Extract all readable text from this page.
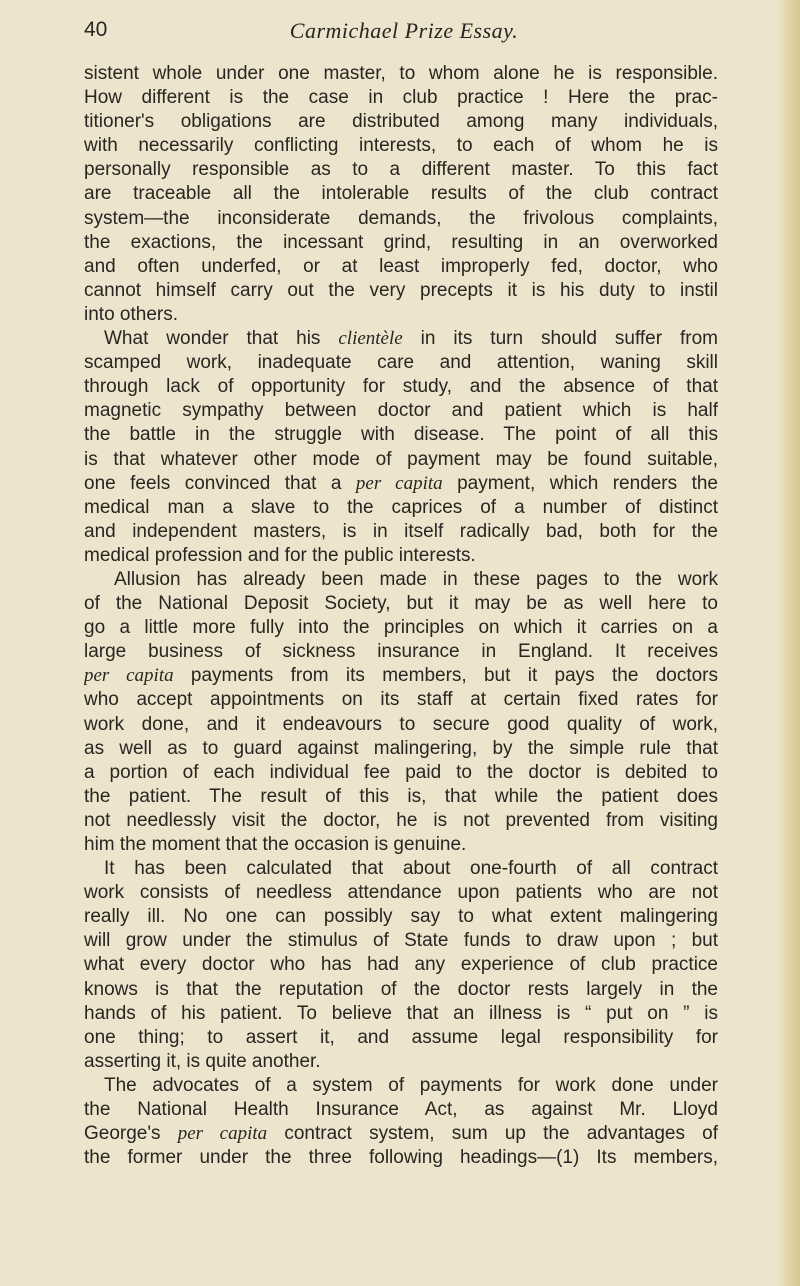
40	Carmichael Prize Essay.
sistent whole under one master, to whom alone he is responsible.
How different is the case in club practice ! Here the prac-
titioner's obligations are distributed among many individuals,
with necessarily conflicting interests, to each of whom he is
personally responsible as to a different master. To this fact
are traceable all the intolerable results of the club contract
system—the inconsiderate demands, the frivolous complaints,
the exactions, the incessant grind, resulting in an overworked
and often underfed, or at least improperly fed, doctor, who
cannot himself carry out the very precepts it is his duty to instil
into others.
What wonder that his clientèle in its turn should suffer from
scamped work, inadequate care and attention, waning skill
through lack of opportunity for study, and the absence of that
magnetic sympathy between doctor and patient which is half
the battle in the struggle with disease. The point of all this
is that whatever other mode of payment may be found suitable,
one feels convinced that a per capita payment, which renders the
medical man a slave to the caprices of a number of distinct
and independent masters, is in itself radically bad, both for the
medical profession and for the public interests.
Allusion has already been made in these pages to the work
of the National Deposit Society, but it may be as well here to
go a little more fully into the principles on which it carries on a
large business of sickness insurance in England. It receives
per capita payments from its members, but it pays the doctors
who accept appointments on its staff at certain fixed rates for
work done, and it endeavours to secure good quality of work,
as well as to guard against malingering, by the simple rule that
a portion of each individual fee paid to the doctor is debited to
the patient. The result of this is, that while the patient does
not needlessly visit the doctor, he is not prevented from visiting
him the moment that the occasion is genuine.
It has been calculated that about one-fourth of all contract
work consists of needless attendance upon patients who are not
really ill. No one can possibly say to what extent malingering
will grow under the stimulus of State funds to draw upon ; but
what every doctor who has had any experience of club practice
knows is that the reputation of the doctor rests largely in the
hands of his patient. To believe that an illness is “ put on ” is
one thing; to assert it, and assume legal responsibility for
asserting it, is quite another.
The advocates of a system of payments for work done under
the National Health Insurance Act, as against Mr. Lloyd
George's per capita contract system, sum up the advantages of
the former under the three following headings—(1) Its members,
